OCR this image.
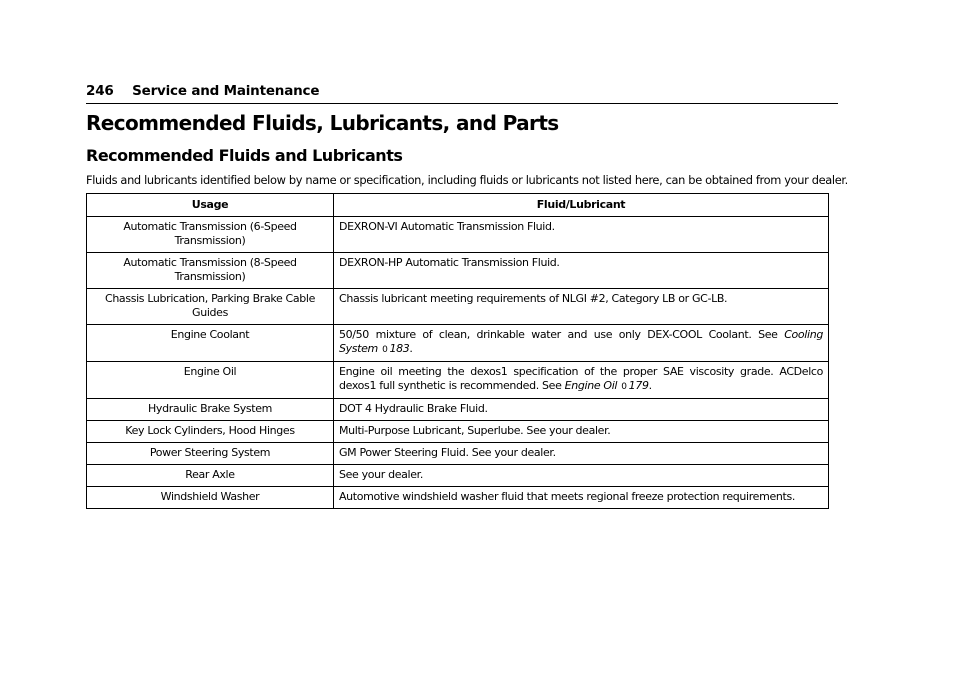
246 Service and Maintenance
Recommended Fluids, Lubricants, and Parts
Recommended Fluids and Lubricants
Fluids and lubricants identified below by name or specification, including fluids or lubricants not listed here, can be obtained from your dealer.
Usage	Fluid/Lubricant
Automatic Transmission (6-Speed Transmission)	DEXRON-VI Automatic Transmission Fluid.
Automatic Transmission (8-Speed Transmission)	DEXRON-HP Automatic Transmission Fluid.
Chassis Lubrication, Parking Brake Cable Guides	Chassis lubricant meeting requirements of NLGI #2, Category LB or GC-LB.
Engine Coolant	50/50 mixture of clean, drinkable water and use only DEX-COOL Coolant. See Cooling System 0 183.
Engine Oil	Engine oil meeting the dexos1 specification of the proper SAE viscosity grade. ACDelco dexos1 full synthetic is recommended. See Engine Oil 0 179.
Hydraulic Brake System	DOT 4 Hydraulic Brake Fluid.
Key Lock Cylinders, Hood Hinges	Multi-Purpose Lubricant, Superlube. See your dealer.
Power Steering System	GM Power Steering Fluid. See your dealer.
Rear Axle	See your dealer.
Windshield Washer	Automotive windshield washer fluid that meets regional freeze protection requirements.
